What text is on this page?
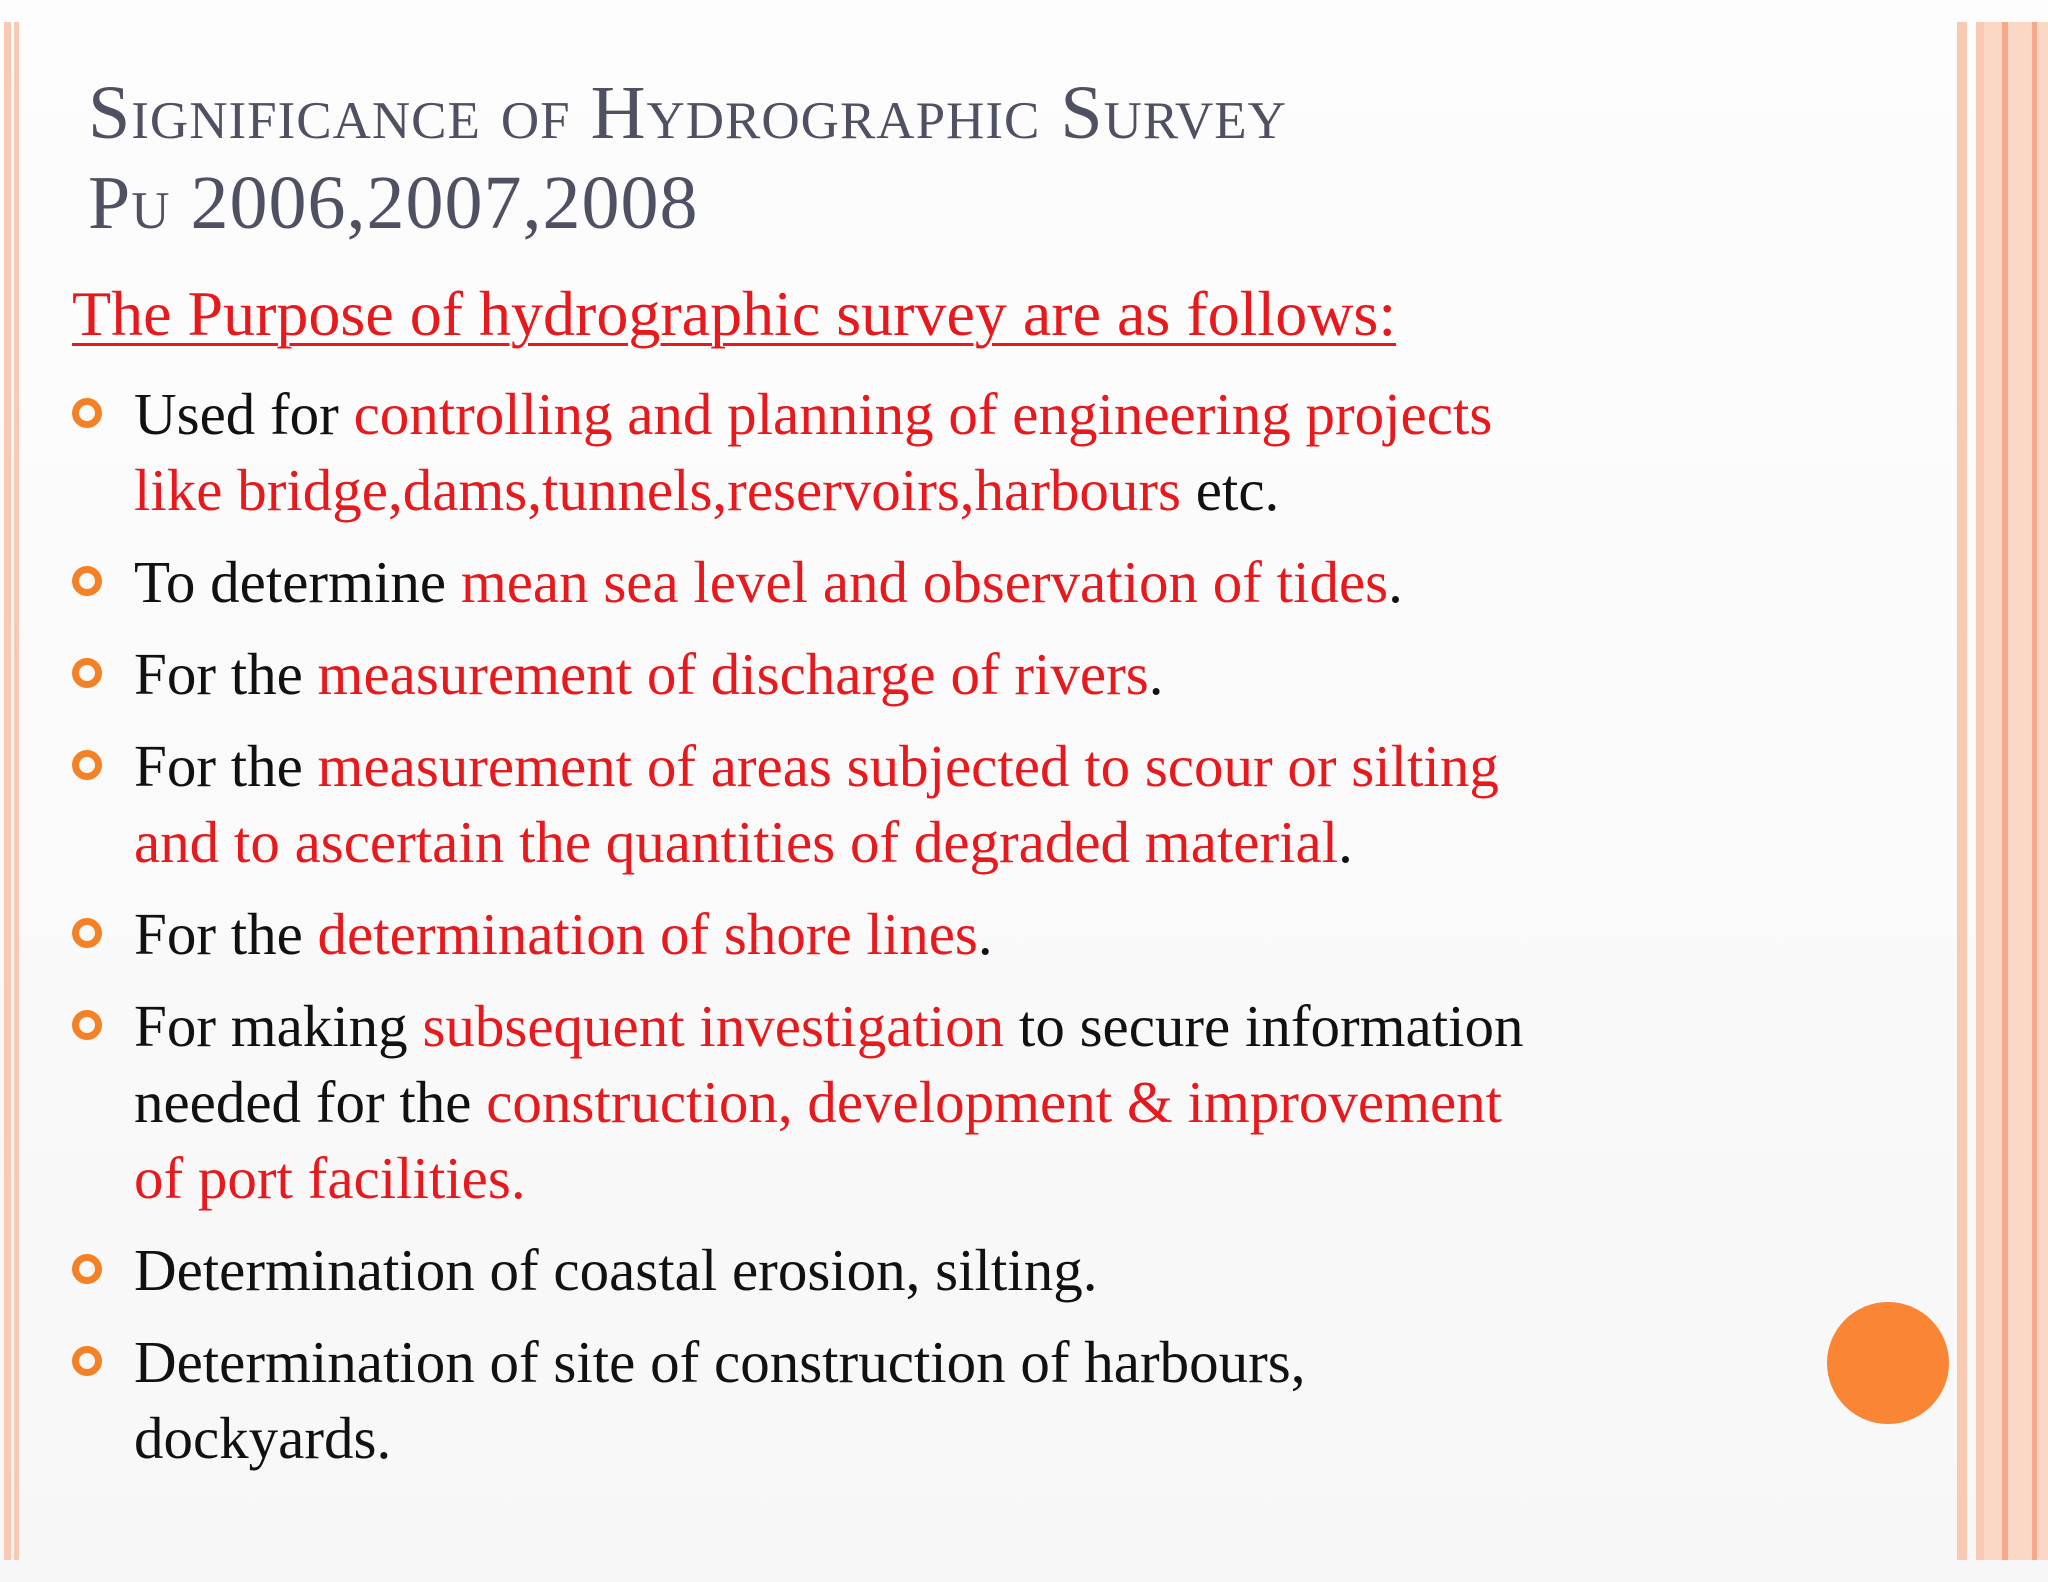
Significance of Hydrographic Survey
Pu 2006,2007,2008
The Purpose of hydrographic survey are as follows:
Used for controlling and planning of engineering projects
like bridge,dams,tunnels,reservoirs,harbours etc.
To determine mean sea level and observation of tides.
For the measurement of discharge of rivers.
For the measurement of areas subjected to scour or silting
and to ascertain the quantities of degraded material.
For the determination of shore lines.
For making subsequent investigation to secure information
needed for the construction, development & improvement
of port facilities.
Determination of coastal erosion, silting.
Determination of site of construction of harbours,
dockyards.
